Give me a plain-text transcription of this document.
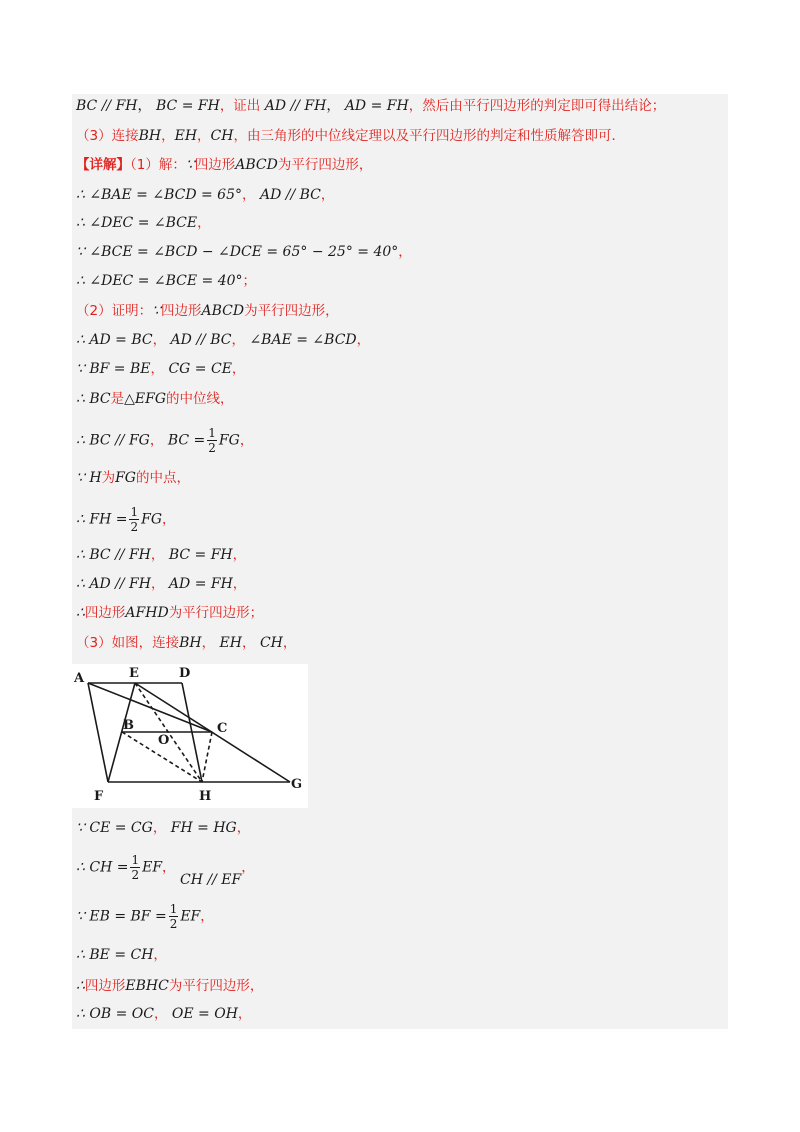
BC // FH， BC = FH，证出 AD // FH， AD = FH，然后由平行四边形的判定即可得出结论；
（3）连接BH，EH，CH，由三角形的中位线定理以及平行四边形的判定和性质解答即可．
【详解】（1）解：∵四边形ABCD为平行四边形，
∴ ∠BAE = ∠BCD = 65°， AD // BC，
∴ ∠DEC = ∠BCE，
∵ ∠BCE = ∠BCD − ∠DCE = 65° − 25° = 40°，
∴ ∠DEC = ∠BCE = 40°；
（2）证明：∵四边形ABCD为平行四边形，
∴ AD = BC， AD // BC， ∠BAE = ∠BCD，
∵ BF = BE， CG = CE，
∴ BC是△EFG的中位线，
∴ BC // FG， BC = $\frac{1}{2}$ FG，
∵ H为FG的中点，
∴ FH = $\frac{1}{2}$ FG，
∴ BC // FH， BC = FH，
∴ AD // FH， AD = FH，
∴四边形AFHD为平行四边形；
（3）如图，连接BH， EH， CH，
A	E	D
B
O
C
F	H
G
∵ CE = CG， FH = HG，
∴ CH = $\frac{1}{2}$ EF， CH // EF，
∵ EB = BF = $\frac{1}{2}$ EF，
∴ BE = CH，
∴四边形EBHC为平行四边形，
∴ OB = OC， OE = OH，
